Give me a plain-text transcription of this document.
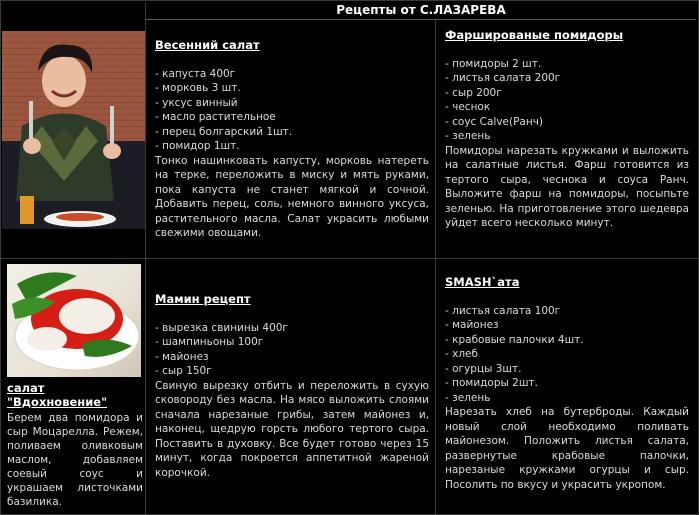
Рецепты от С.ЛАЗАРЕВА
Весенний салат
- капуста 400г
- морковь 3 шт.
- уксус винный
- масло растительное
- перец болгарский 1шт.
- помидор 1шт.

Тонко нашинковать капусту, морковь натереть на терке, переложить в миску и мять руками, пока капуста не станет мягкой и сочной. Добавить перец, соль, немного винного уксуса, растительного масла. Салат украсить любыми свежими овощами.

Фаршированые помидоры
- помидоры 2 шт.
- листья салата 200г
- сыр 200г
- чеснок
- соус Calve(Ранч)
- зелень

Помидоры нарезать кружками и выложить на салатные листья. Фарш готовится из тертого сыра, чеснока и соуса Ранч. Выложите фарш на помидоры, посыпьте зеленью. На приготовление этого шедевра уйдет всего несколько минут.

Мамин рецепт
- вырезка свинины 400г
- шампиньоны 100г
- майонез
- сыр 150г

Свиную вырезку отбить и переложить в сухую сковороду без масла. На мясо выложить слоями сначала нарезаные грибы, затем майонез и, наконец, щедрую горсть любого тертого сыра. Поставить в духовку. Все будет готово через 15 минут, когда покроется аппетитной жареной корочкой.

SMASH`ата
- листья салата 100г
- майонез
- крабовые палочки 4шт.
- хлеб
- огурцы 3шт.
- помидоры 2шт.
- зелень

Нарезать хлеб на бутерброды. Каждый новый слой необходимо поливать майонезом. Положить листья салата, развернутые крабовые палочки, нарезаные кружками огурцы и сыр. Посолить по вкусу и украсить укропом.

салат
"Вдохновение"

Берем два помидора и сыр Моцарелла. Режем, поливаем оливковым маслом, добавляем соевый соус и украшаем листочками базилика.
